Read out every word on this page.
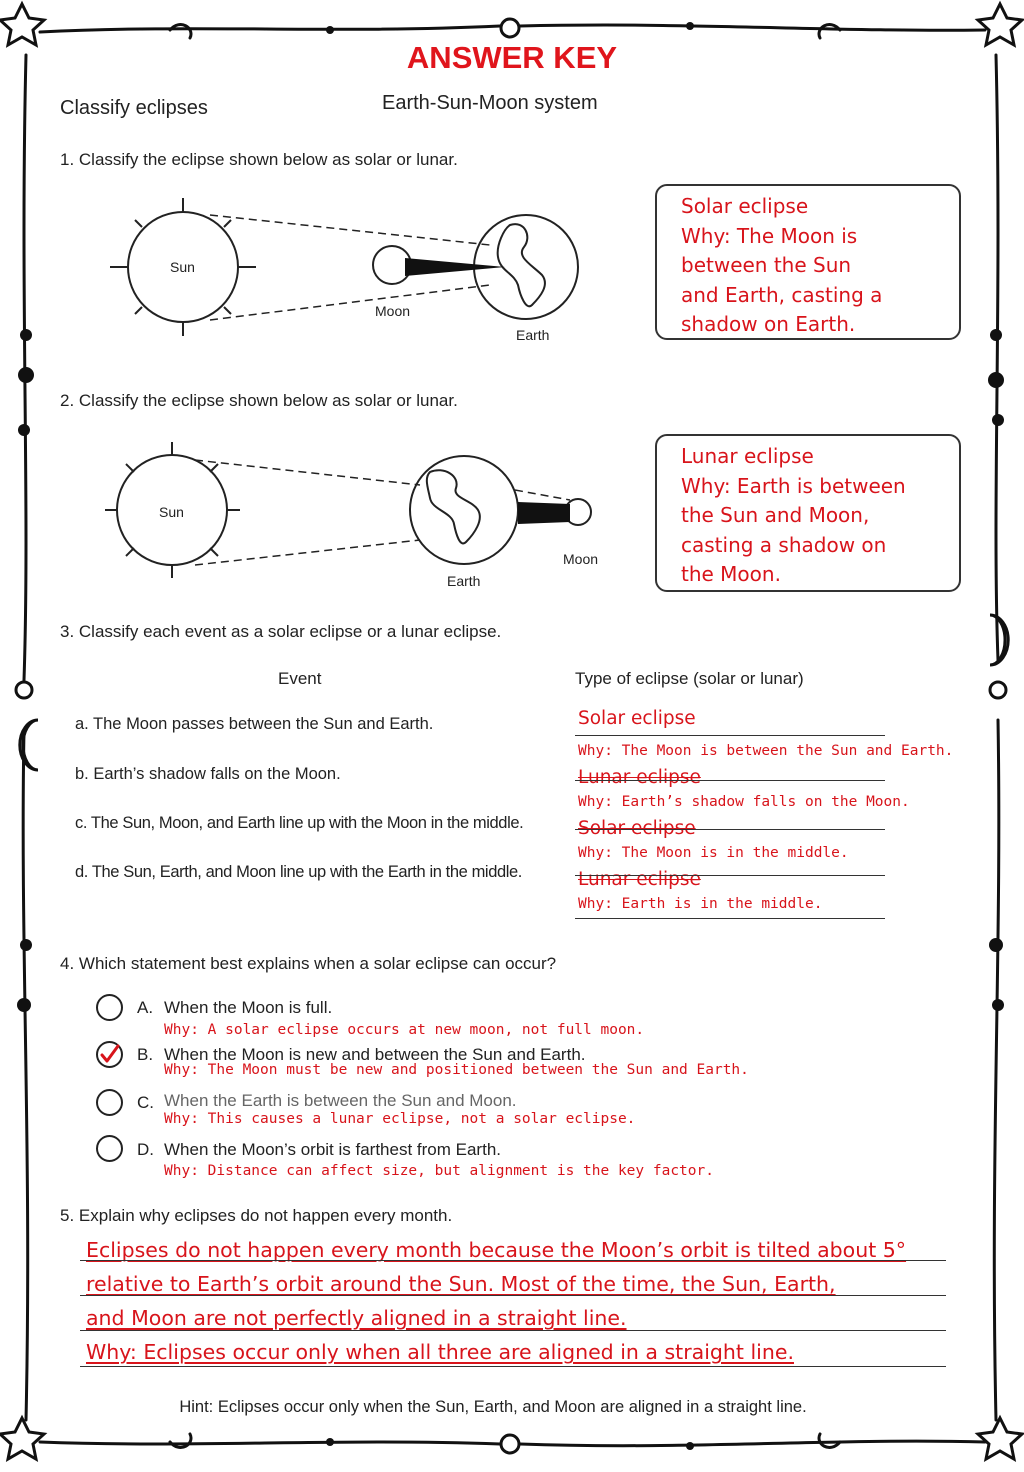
ANSWER KEY
Classify eclipses	Earth-Sun-Moon system
1. Classify the eclipse shown below as solar or lunar.
Sun
Moon
Earth
Solar eclipse
Why: The Moon is
between the Sun
and Earth, casting a
shadow on Earth.
2. Classify the eclipse shown below as solar or lunar.
Sun
Moon
Earth
Lunar eclipse
Why: Earth is between
the Sun and Moon,
casting a shadow on
the Moon.
3. Classify each event as a solar eclipse or a lunar eclipse.
Event	Type of eclipse (solar or lunar)
a. The Moon passes between the Sun and Earth.
b. Earth’s shadow falls on the Moon.
c. The Sun, Moon, and Earth line up with the Moon in the middle.
d. The Sun, Earth, and Moon line up with the Earth in the middle.
Solar eclipse
Why: The Moon is between the Sun and Earth.
Lunar eclipse
Why: Earth’s shadow falls on the Moon.
Solar eclipse
Why: The Moon is in the middle.
Lunar eclipse
Why: Earth is in the middle.
4. Which statement best explains when a solar eclipse can occur?
A. When the Moon is full.
Why: A solar eclipse occurs at new moon, not full moon.
B. When the Moon is new and between the Sun and Earth.
Why: The Moon must be new and positioned between the Sun and Earth.
C. When the Earth is between the Sun and Moon.
Why: This causes a lunar eclipse, not a solar eclipse.
D. When the Moon’s orbit is farthest from Earth.
Why: Distance can affect size, but alignment is the key factor.
5. Explain why eclipses do not happen every month.
Eclipses do not happen every month because the Moon’s orbit is tilted about 5°
relative to Earth’s orbit around the Sun. Most of the time, the Sun, Earth,
and Moon are not perfectly aligned in a straight line.
Why: Eclipses occur only when all three are aligned in a straight line.
Hint: Eclipses occur only when the Sun, Earth, and Moon are aligned in a straight line.
